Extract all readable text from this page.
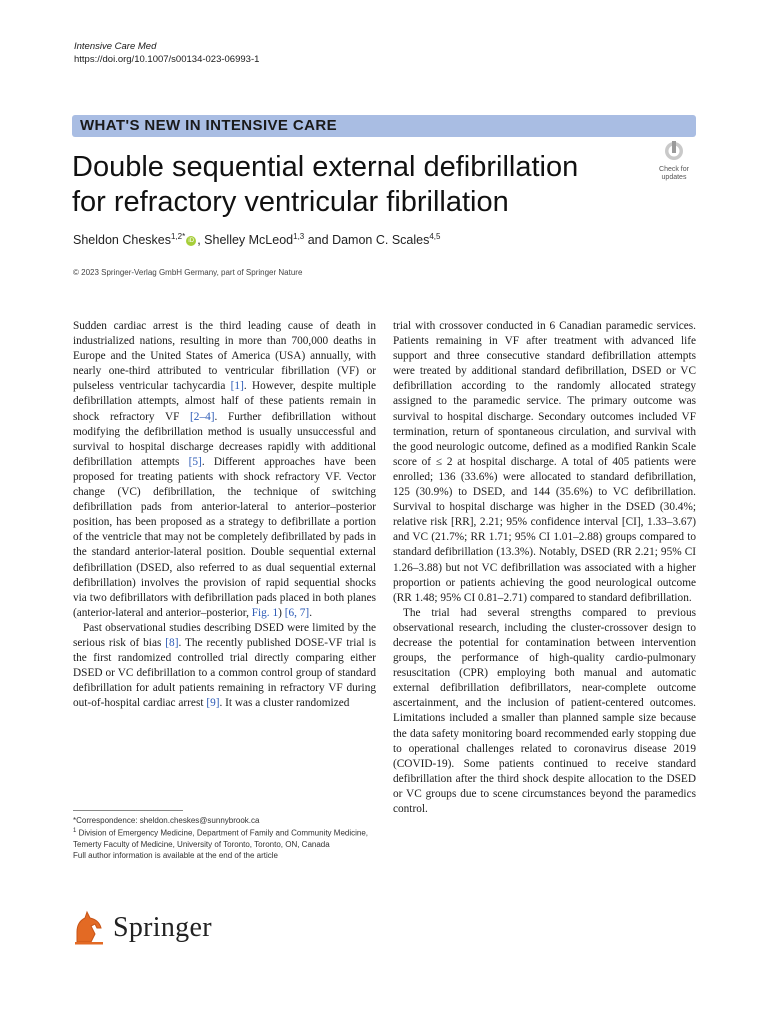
Intensive Care Med
https://doi.org/10.1007/s00134-023-06993-1
WHAT'S NEW IN INTENSIVE CARE
Double sequential external defibrillation
for refractory ventricular fibrillation
Check for
updates
Sheldon Cheskes$^{1,2*}$ iD , Shelley McLeod$^{1,3}$ and Damon C. Scales$^{4,5}$
© 2023 Springer-Verlag GmbH Germany, part of Springer Nature

Sudden cardiac arrest is the third leading cause of death in industrialized nations, resulting in more than 700,000 deaths in Europe and the United States of America (USA) annually, with nearly one-third attributed to ventricular fibrillation (VF) or pulseless ventricular tachycardia [1]. However, despite multiple defibrillation attempts, almost half of these patients remain in shock refractory VF [2–4]. Further defibrillation without modifying the defibrillation method is usually unsuccessful and survival to hospital discharge decreases rapidly with additional defibrillation attempts [5]. Different approaches have been proposed for treating patients with shock refractory VF. Vector change (VC) defibrillation, the technique of switching defibrillation pads from anterior-lateral to anterior–posterior position, has been proposed as a strategy to defibrillate a portion of the ventricle that may not be completely defibrillated by pads in the standard anterior-lateral position. Double sequential external defibrillation (DSED, also referred to as dual sequential external defibrillation) involves the provision of rapid sequential shocks via two defibrillators with defibrillation pads placed in both planes (anterior-lateral and anterior–posterior, Fig. 1) [6, 7].

Past observational studies describing DSED were limited by the serious risk of bias [8]. The recently published DOSE-VF trial is the first randomized controlled trial directly comparing either DSED or VC defibrillation to a common control group of standard defibrillation for adult patients remaining in refractory VF during out-of-hospital cardiac arrest [9]. It was a cluster randomized

trial with crossover conducted in 6 Canadian paramedic services. Patients remaining in VF after treatment with advanced life support and three consecutive standard defibrillation attempts were treated by additional standard defibrillation, DSED or VC defibrillation according to the randomly allocated strategy assigned to the paramedic service. The primary outcome was survival to hospital discharge. Secondary outcomes included VF termination, return of spontaneous circulation, and survival with the good neurologic outcome, defined as a modified Rankin Scale score of ≤ 2 at hospital discharge. A total of 405 patients were enrolled; 136 (33.6%) were allocated to standard defibrillation, 125 (30.9%) to DSED, and 144 (35.6%) to VC defibrillation. Survival to hospital discharge was higher in the DSED (30.4%; relative risk [RR], 2.21; 95% confidence interval [CI], 1.33–3.67) and VC (21.7%; RR 1.71; 95% CI 1.01–2.88) groups compared to standard defibrillation (13.3%). Notably, DSED (RR 2.21; 95% CI 1.26–3.88) but not VC defibrillation was associated with a higher proportion or patients achieving the good neurological outcome (RR 1.48; 95% CI 0.81–2.71) compared to standard defibrillation.

The trial had several strengths compared to previous observational research, including the cluster-crossover design to decrease the potential for contamination between intervention groups, the performance of high-quality cardio-pulmonary resuscitation (CPR) employing both manual and automatic external defibrillation defibrillators, near-complete outcome ascertainment, and the inclusion of patient-centered outcomes. Limitations included a smaller than planned sample size because the data safety monitoring board recommended early stopping due to operational challenges related to coronavirus disease 2019 (COVID-19). Some patients continued to receive standard defibrillation after the third shock despite allocation to the DSED or VC groups due to scene circumstances beyond the paramedics control.

*Correspondence: sheldon.cheskes@sunnybrook.ca

$^1$ Division of Emergency Medicine, Department of Family and Community Medicine, Temerty Faculty of Medicine, University of Toronto, Toronto, ON, Canada

Full author information is available at the end of the article

Springer
